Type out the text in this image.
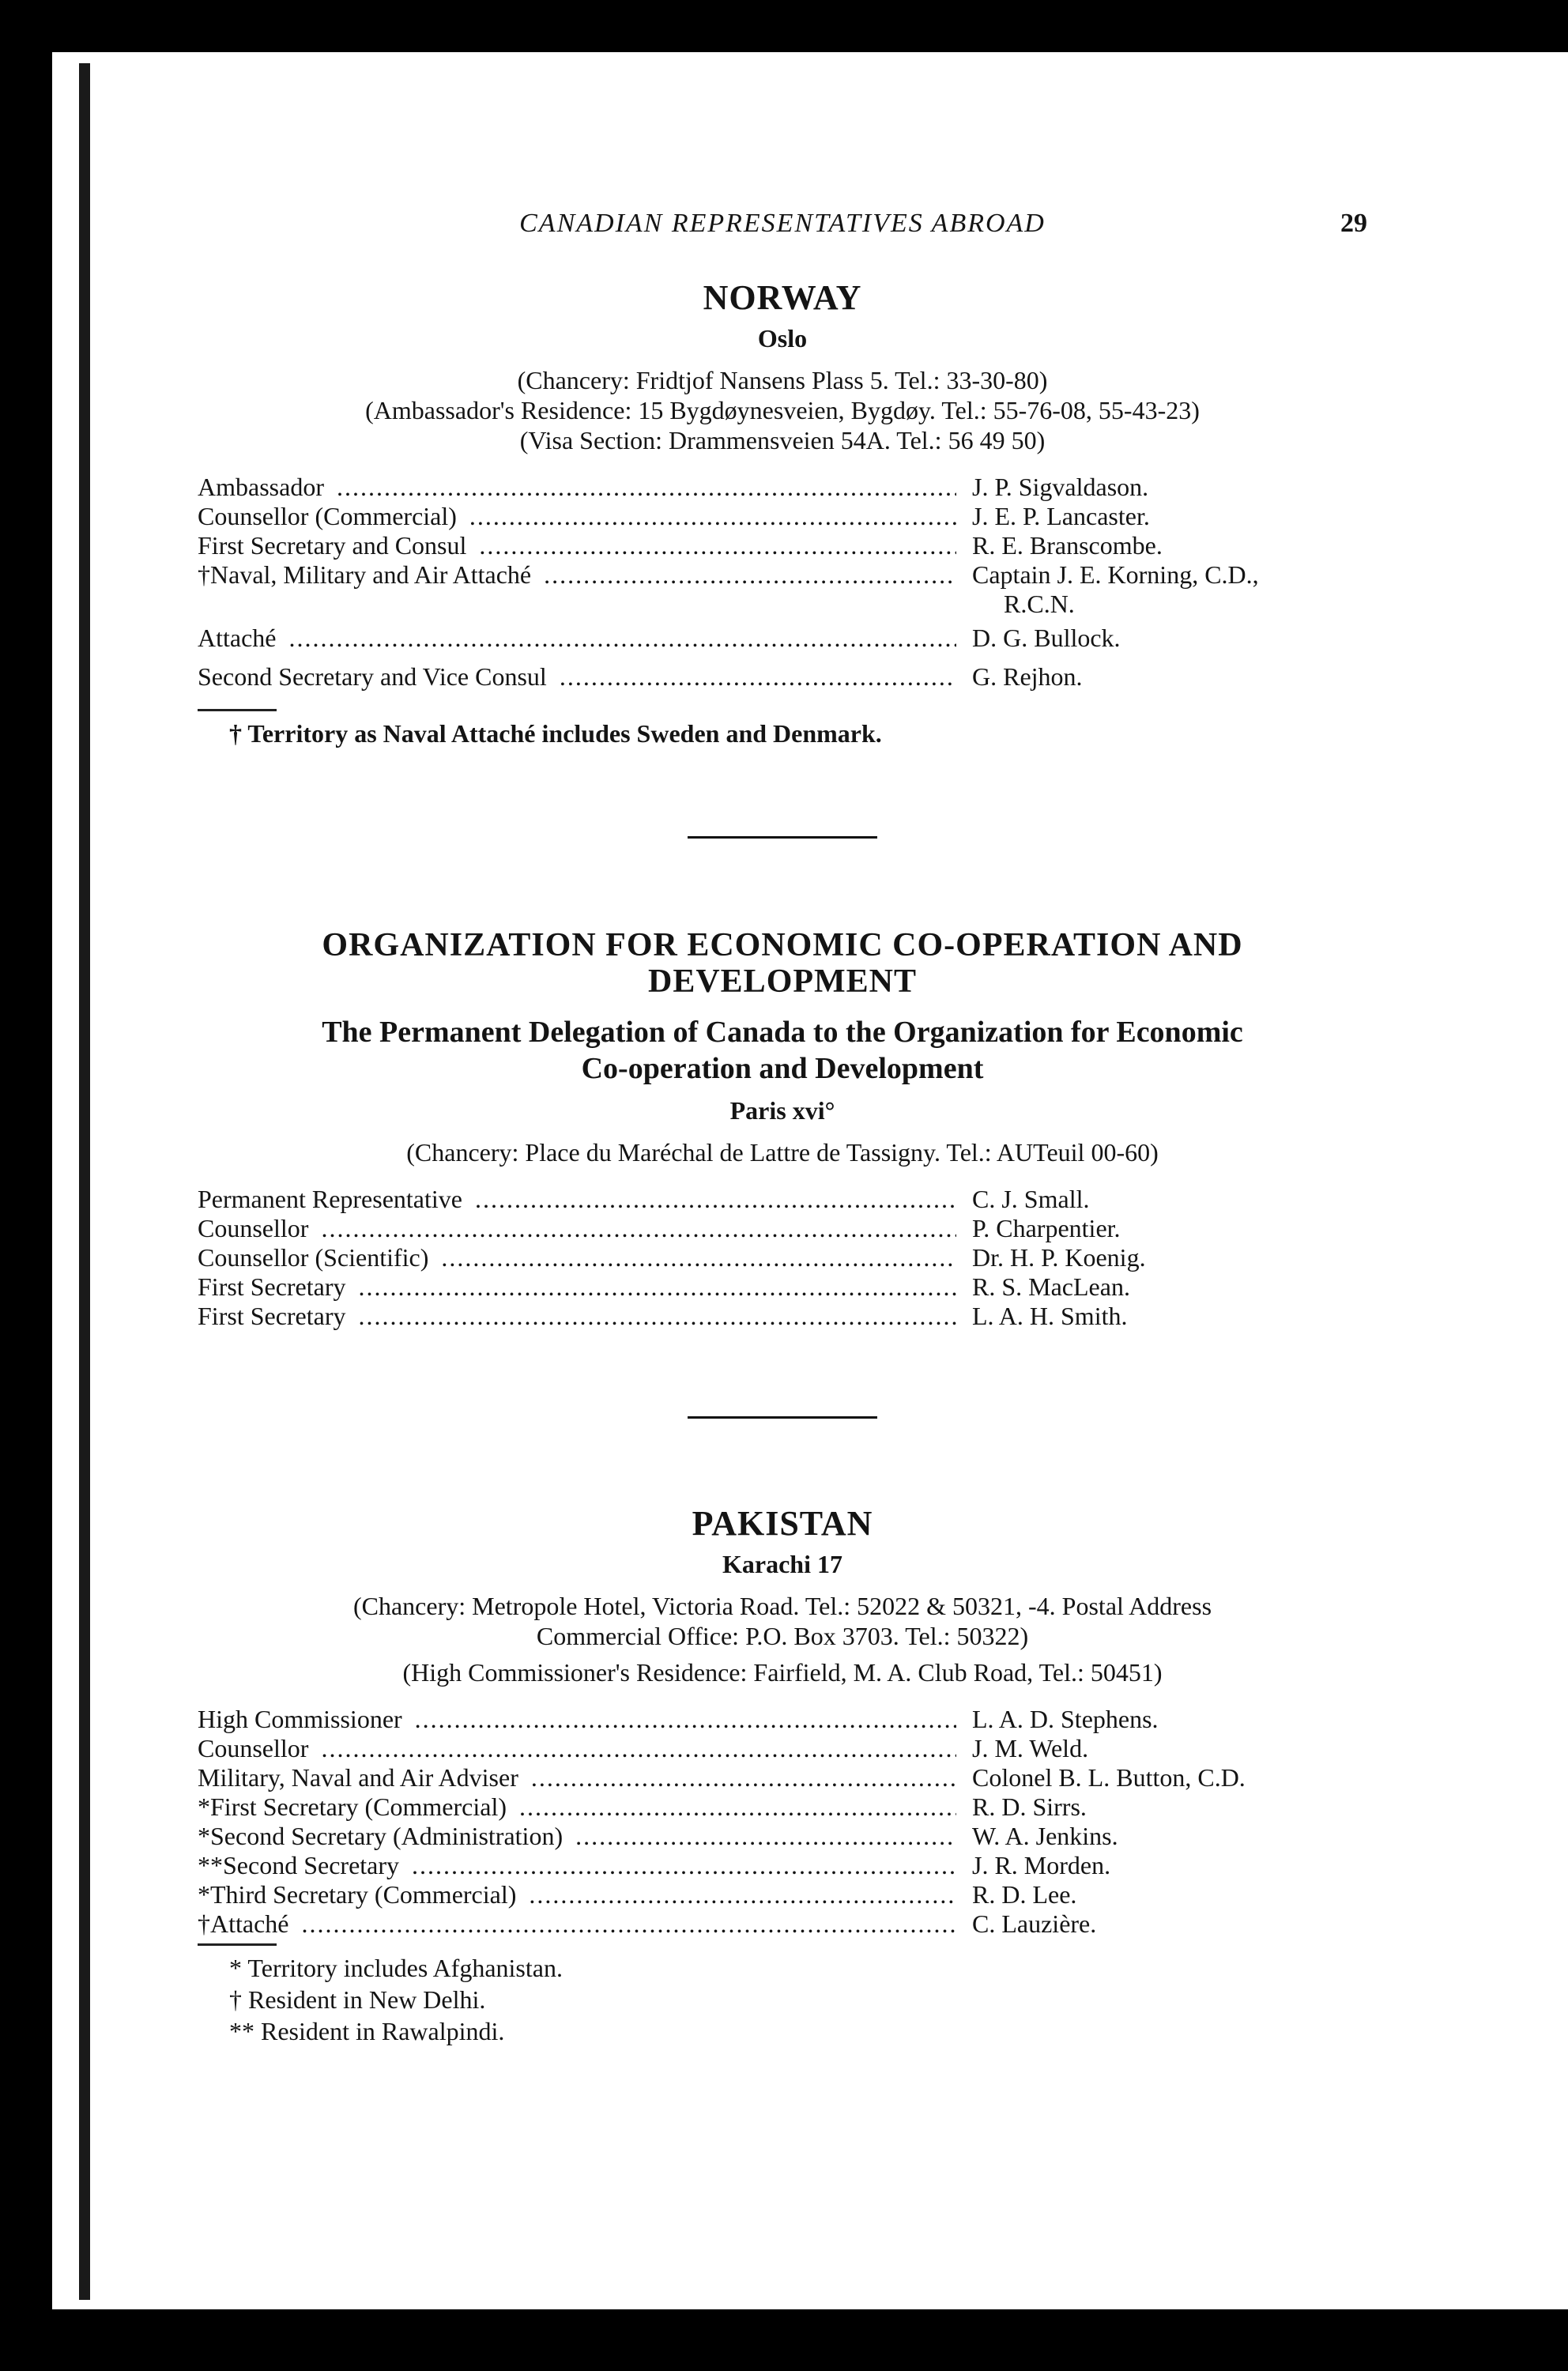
CANADIAN REPRESENTATIVES ABROAD	29
NORWAY
Oslo

(Chancery: Fridtjof Nansens Plass 5. Tel.: 33-30-80)

(Ambassador's Residence: 15 Bygdøynesveien, Bygdøy. Tel.: 55-76-08, 55-43-23)

(Visa Section: Drammensveien 54A. Tel.: 56 49 50)

Ambassador .....	J. P. Sigvaldason.
Counsellor (Commercial) .....	J. E. P. Lancaster.
First Secretary and Consul .....	R. E. Branscombe.
†Naval, Military and Air Attaché .....	Captain J. E. Korning, C.D.,
R.C.N.
Attaché .....	D. G. Bullock.
Second Secretary and Vice Consul .....	G. Rejhon.
† Territory as Naval Attaché includes Sweden and Denmark.
ORGANIZATION FOR ECONOMIC CO-OPERATION AND
DEVELOPMENT
The Permanent Delegation of Canada to the Organization for Economic
Co-operation and Development
Paris xvi°

(Chancery: Place du Maréchal de Lattre de Tassigny. Tel.: AUTeuil 00-60)

Permanent Representative .....	C. J. Small.
Counsellor .....	P. Charpentier.
Counsellor (Scientific) .....	Dr. H. P. Koenig.
First Secretary .....	R. S. MacLean.
First Secretary .....	L. A. H. Smith.
PAKISTAN
Karachi 17

(Chancery: Metropole Hotel, Victoria Road. Tel.: 52022 & 50321, -4. Postal Address

Commercial Office: P.O. Box 3703. Tel.: 50322)

(High Commissioner's Residence: Fairfield, M. A. Club Road, Tel.: 50451)

High Commissioner .....	L. A. D. Stephens.
Counsellor .....	J. M. Weld.
Military, Naval and Air Adviser .....	Colonel B. L. Button, C.D.
*First Secretary (Commercial) .....	R. D. Sirrs.
*Second Secretary (Administration) .....	W. A. Jenkins.
**Second Secretary .....	J. R. Morden.
*Third Secretary (Commercial) .....	R. D. Lee.
†Attaché .....	C. Lauzière.
* Territory includes Afghanistan.
† Resident in New Delhi.
** Resident in Rawalpindi.
